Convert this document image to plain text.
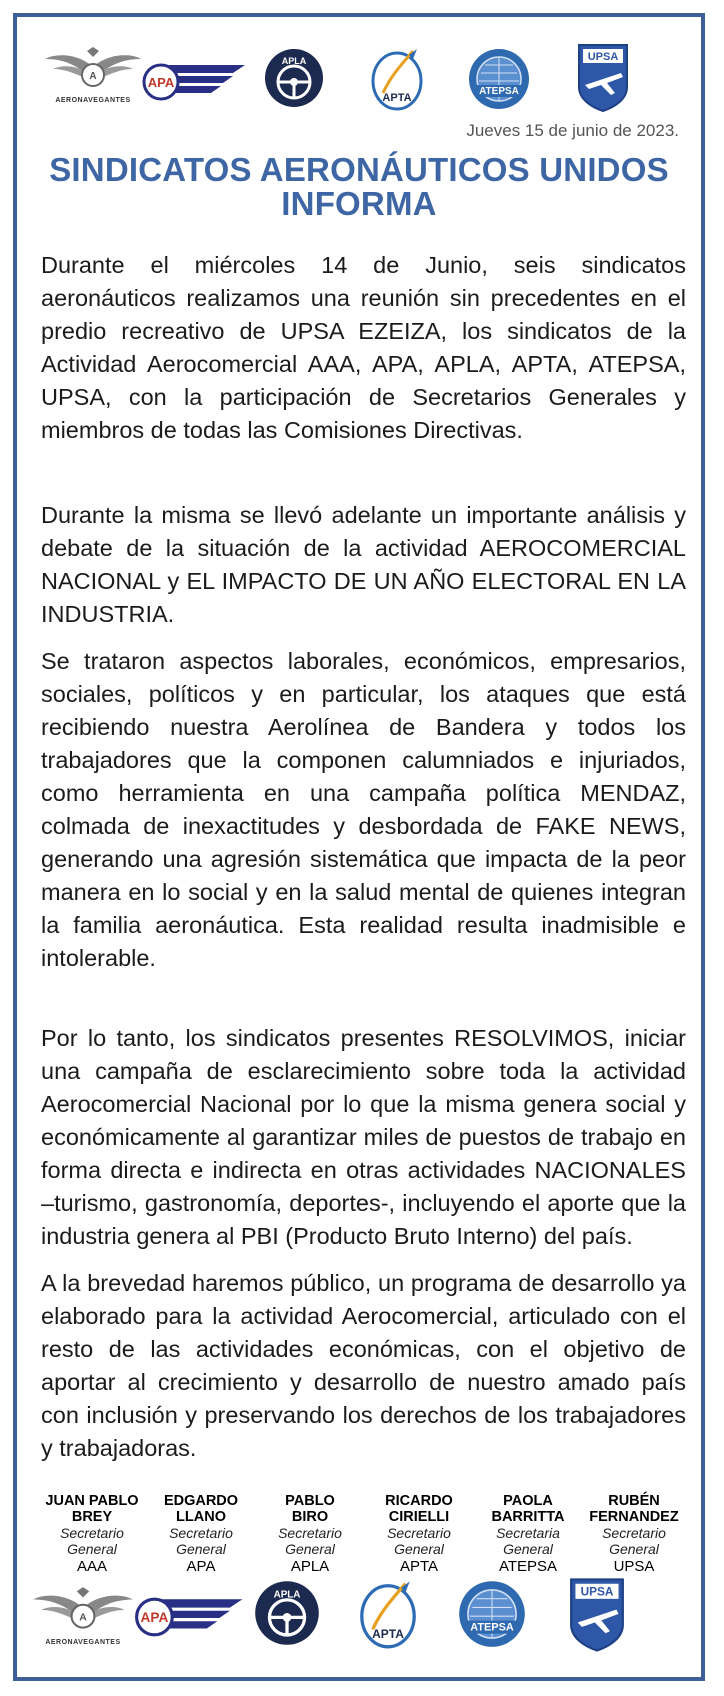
A
AERONAVEGANTES
APA
APLA
APTA
ATEPSA
UPSA
Jueves 15 de junio de 2023.
SINDICATOS AERONÁUTICOS UNIDOS INFORMA

Durante el miércoles 14 de Junio, seis sindicatos aeronáuticos realizamos una reunión sin precedentes en el predio recreativo de UPSA EZEIZA, los sindicatos de la Actividad Aerocomercial AAA, APA, APLA, APTA, ATEPSA, UPSA, con la participación de Secretarios Generales y miembros de todas las Comisiones Directivas.

Durante la misma se llevó adelante un importante análisis y debate de la situación de la actividad AEROCOMERCIAL NACIONAL y EL IMPACTO DE UN AÑO ELECTORAL EN LA INDUSTRIA.

Se trataron aspectos laborales, económicos, empresarios, sociales, políticos y en particular, los ataques que está recibiendo nuestra Aerolínea de Bandera y todos los trabajadores que la componen calumniados e injuriados, como herramienta en una campaña política MENDAZ, colmada de inexactitudes y desbordada de FAKE NEWS, generando una agresión sistemática que impacta de la peor manera en lo social y en la salud mental de quienes integran la familia aeronáutica. Esta realidad resulta inadmisible e intolerable.

Por lo tanto, los sindicatos presentes RESOLVIMOS, iniciar una campaña de esclarecimiento sobre toda la actividad Aerocomercial Nacional por lo que la misma genera social y económicamente al garantizar miles de puestos de trabajo en forma directa e indirecta en otras actividades NACIONALES –turismo, gastronomía, deportes-, incluyendo el aporte que la industria genera al PBI (Producto Bruto Interno) del país.

A la brevedad haremos público, un programa de desarrollo ya elaborado para la actividad Aerocomercial, articulado con el resto de las actividades económicas, con el objetivo de aportar al crecimiento y desarrollo de nuestro amado país con inclusión y preservando los derechos de los trabajadores y trabajadoras.

JUAN PABLO
BREY
Secretario
General
AAA
EDGARDO
LLANO
Secretario
General
APA
PABLO
BIRO
Secretario
General
APLA
RICARDO
CIRIELLI
Secretario
General
APTA
PAOLA
BARRITTA
Secretaria
General
ATEPSA
RUBÉN
FERNANDEZ
Secretario
General
UPSA
A
AERONAVEGANTES
APA
APLA
APTA	ATEPSA
UPSA
